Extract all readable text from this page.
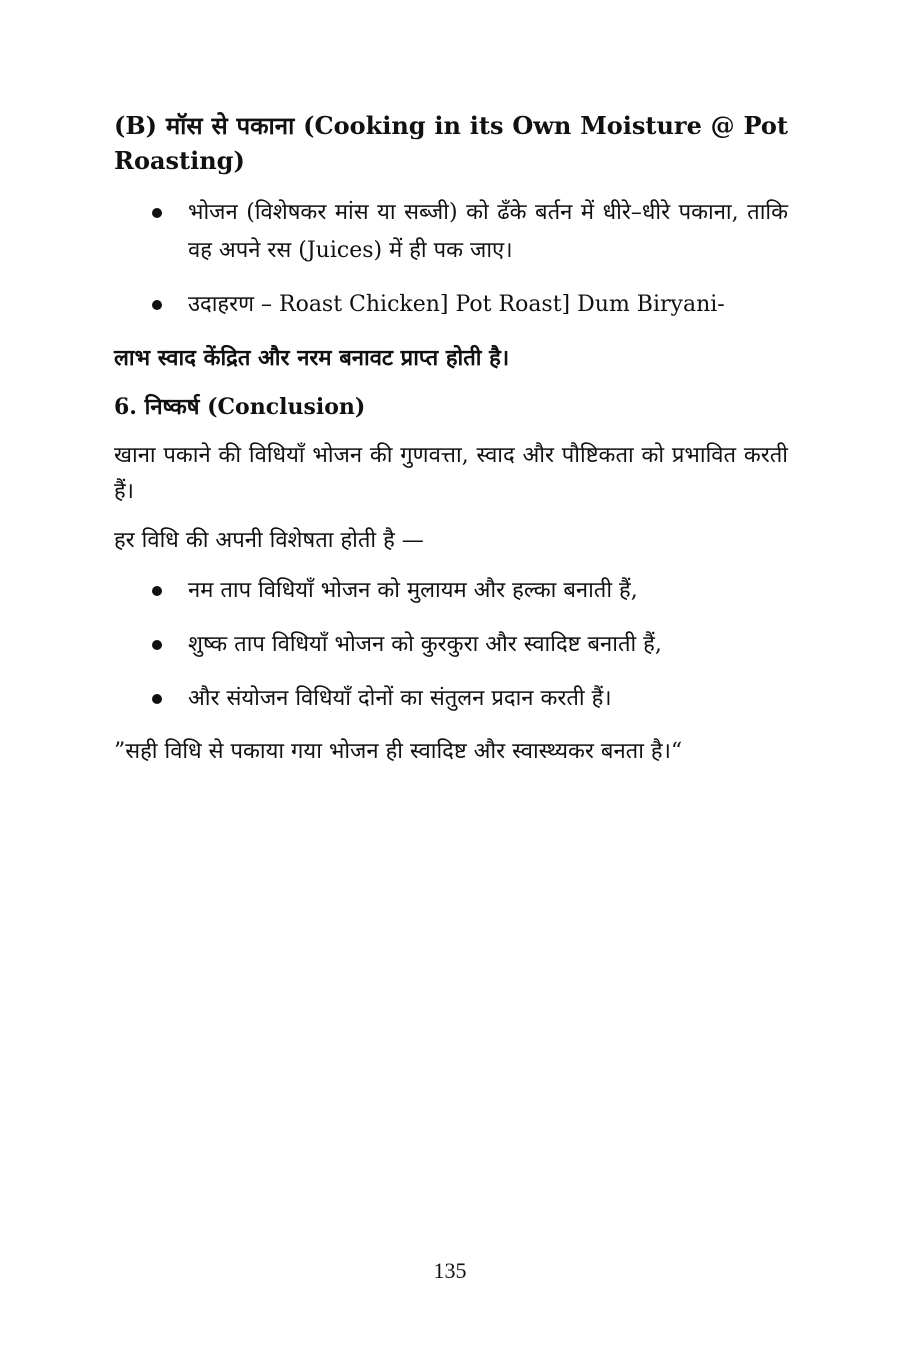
(B) मॉस से पकाना (Cooking in its Own Moisture @ Pot Roasting)

भोजन (विशेषकर मांस या सब्जी) को ढँके बर्तन में धीरे–धीरे पकाना, ताकि वह अपने रस (Juices) में ही पक जाए।
उदाहरण – Roast Chicken] Pot Roast] Dum Biryani-

लाभ स्वाद केंद्रित और नरम बनावट प्राप्त होती है।

6. निष्कर्ष (Conclusion)

खाना पकाने की विधियाँ भोजन की गुणवत्ता, स्वाद और पौष्टिकता को प्रभावित करती हैं।

हर विधि की अपनी विशेषता होती है —

नम ताप विधियाँ भोजन को मुलायम और हल्का बनाती हैं,
शुष्क ताप विधियाँ भोजन को कुरकुरा और स्वादिष्ट बनाती हैं,
और संयोजन विधियाँ दोनों का संतुलन प्रदान करती हैं।

”सही विधि से पकाया गया भोजन ही स्वादिष्ट और स्वास्थ्यकर बनता है।“

135
